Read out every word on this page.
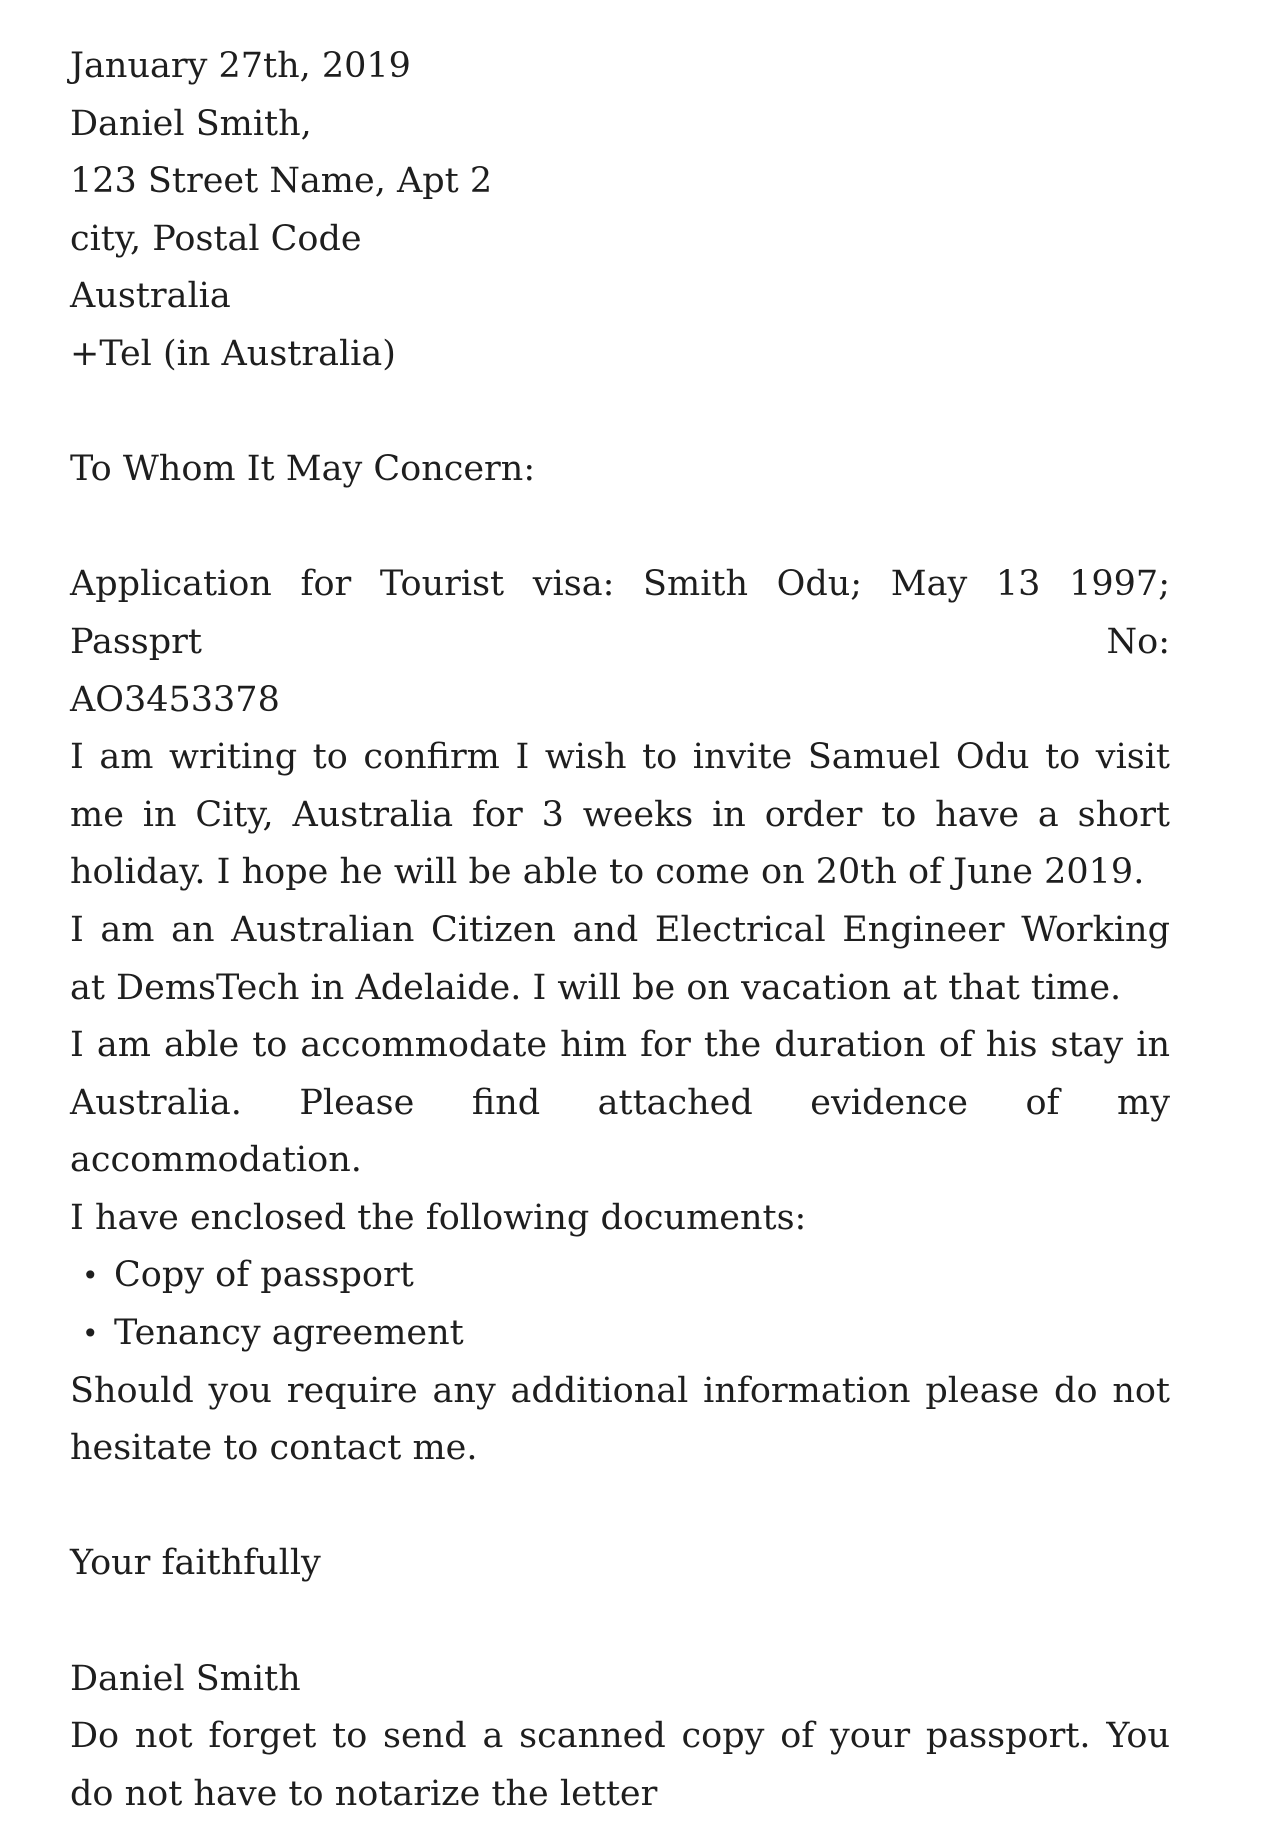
January 27th, 2019

Daniel Smith,

123 Street Name, Apt 2

city, Postal Code

Australia

+Tel (in Australia)

To Whom It May Concern:

Application for Tourist visa: Smith Odu; May 13 1997; Passprt No:

AO3453378

I am writing to confirm I wish to invite Samuel Odu to visit me in City, Australia for 3 weeks in order to have a short holiday. I hope he will be able to come on 20th of June 2019.

I am an Australian Citizen and Electrical Engineer Working at DemsTech in Adelaide. I will be on vacation at that time.

I am able to accommodate him for the duration of his stay in Australia. Please find attached evidence of my accommodation.

I have enclosed the following documents:

• Copy of passport
• Tenancy agreement

Should you require any additional information please do not hesitate to contact me.

Your faithfully

Daniel Smith

Do not forget to send a scanned copy of your passport. You do not have to notarize the letter
